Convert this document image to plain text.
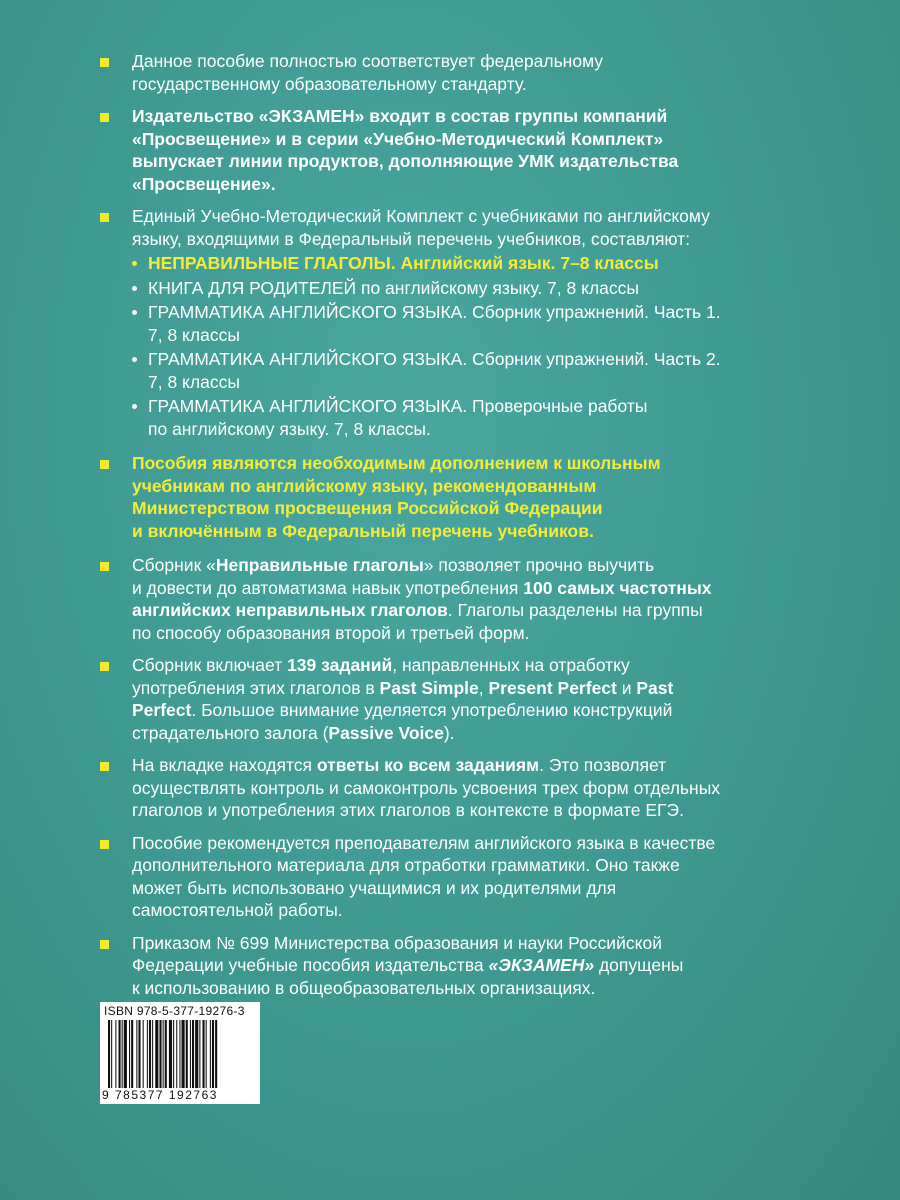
Данное пособие полностью соответствует федеральному
государственному образовательному стандарту.
Издательство «ЭКЗАМЕН» входит в состав группы компаний
«Просвещение» и в серии «Учебно-Методический Комплект»
выпускает линии продуктов, дополняющие УМК издательства
«Просвещение».
Единый Учебно-Методический Комплект с учебниками по английскому
языку, входящими в Федеральный перечень учебников, составляют:
НЕПРАВИЛЬНЫЕ ГЛАГОЛЫ. Английский язык. 7–8 классы
КНИГА ДЛЯ РОДИТЕЛЕЙ по английскому языку. 7, 8 классы
ГРАММАТИКА АНГЛИЙСКОГО ЯЗЫКА. Сборник упражнений. Часть 1.
7, 8 классы
ГРАММАТИКА АНГЛИЙСКОГО ЯЗЫКА. Сборник упражнений. Часть 2.
7, 8 классы
ГРАММАТИКА АНГЛИЙСКОГО ЯЗЫКА. Проверочные работы
по английскому языку. 7, 8 классы.
Пособия являются необходимым дополнением к школьным
учебникам по английскому языку, рекомендованным
Министерством просвещения Российской Федерации
и включённым в Федеральный перечень учебников.
Сборник «Неправильные глаголы» позволяет прочно выучить
и довести до автоматизма навык употребления 100 самых частотных
английских неправильных глаголов. Глаголы разделены на группы
по способу образования второй и третьей форм.
Сборник включает 139 заданий, направленных на отработку
употребления этих глаголов в Past Simple, Present Perfect и Past
Perfect. Большое внимание уделяется употреблению конструкций
страдательного залога (Passive Voice).
На вкладке находятся ответы ко всем заданиям. Это позволяет
осуществлять контроль и самоконтроль усвоения трех форм отдельных
глаголов и употребления этих глаголов в контексте в формате ЕГЭ.
Пособие рекомендуется преподавателям английского языка в качестве
дополнительного материала для отработки грамматики. Оно также
может быть использовано учащимися и их родителями для
самостоятельной работы.
Приказом № 699 Министерства образования и науки Российской
Федерации учебные пособия издательства «ЭКЗАМЕН» допущены
к использованию в общеобразовательных организациях.
ISBN 978-5-377-19276-3
9 785377 192763
